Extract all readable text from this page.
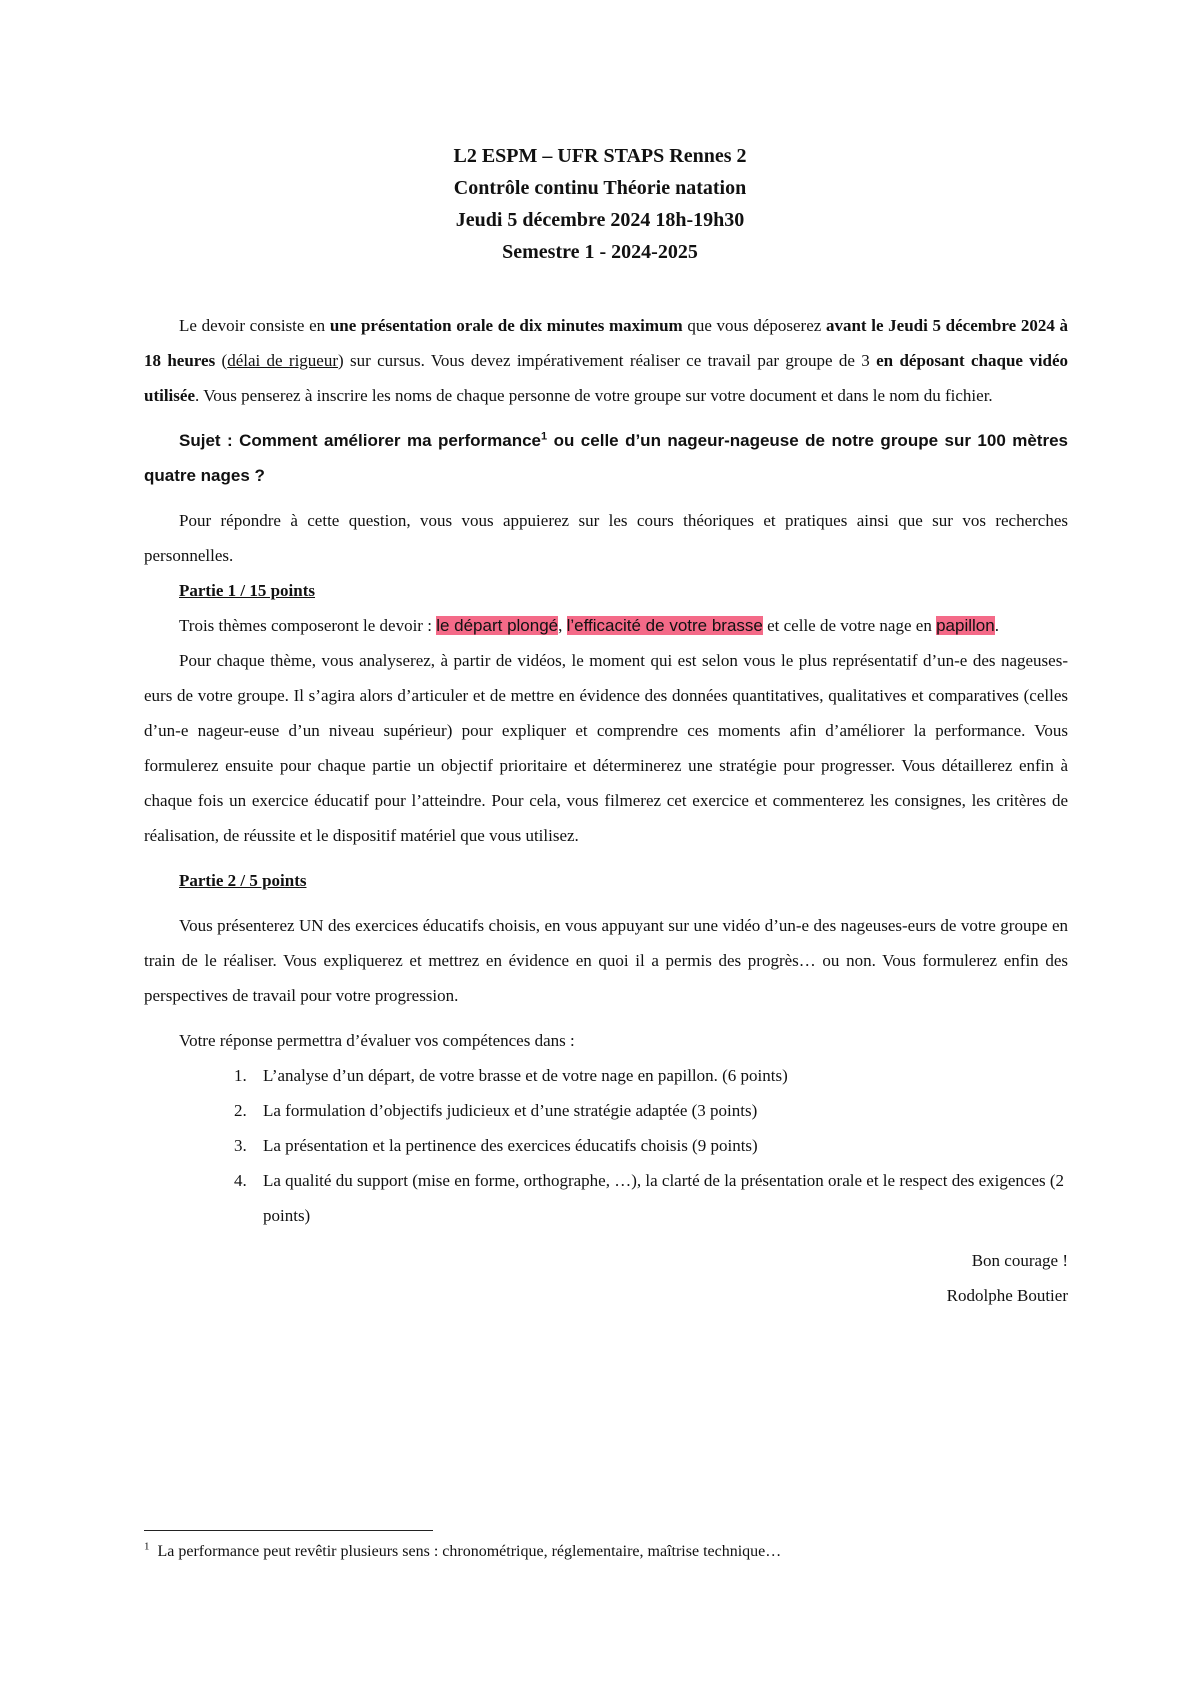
L2 ESPM – UFR STAPS Rennes 2
Contrôle continu Théorie natation
Jeudi 5 décembre 2024 18h-19h30
Semestre 1 - 2024-2025

Le devoir consiste en une présentation orale de dix minutes maximum que vous déposerez avant le Jeudi 5 décembre 2024 à 18 heures (délai de rigueur) sur cursus. Vous devez impérativement réaliser ce travail par groupe de 3 en déposant chaque vidéo utilisée. Vous penserez à inscrire les noms de chaque personne de votre groupe sur votre document et dans le nom du fichier.

Sujet : Comment améliorer ma performance$^1$ ou celle d’un nageur-nageuse de notre groupe sur 100 mètres quatre nages ?

Pour répondre à cette question, vous vous appuierez sur les cours théoriques et pratiques ainsi que sur vos recherches personnelles.

Partie 1 / 15 points

Trois thèmes composeront le devoir : le départ plongé, l’efficacité de votre brasse et celle de votre nage en papillon.

Pour chaque thème, vous analyserez, à partir de vidéos, le moment qui est selon vous le plus représentatif d’un-e des nageuses-eurs de votre groupe. Il s’agira alors d’articuler et de mettre en évidence des données quantitatives, qualitatives et comparatives (celles d’un-e nageur-euse d’un niveau supérieur) pour expliquer et comprendre ces moments afin d’améliorer la performance. Vous formulerez ensuite pour chaque partie un objectif prioritaire et déterminerez une stratégie pour progresser. Vous détaillerez enfin à chaque fois un exercice éducatif pour l’atteindre. Pour cela, vous filmerez cet exercice et commenterez les consignes, les critères de réalisation, de réussite et le dispositif matériel que vous utilisez.

Partie 2 / 5 points

Vous présenterez UN des exercices éducatifs choisis, en vous appuyant sur une vidéo d’un-e des nageuses-eurs de votre groupe en train de le réaliser. Vous expliquerez et mettrez en évidence en quoi il a permis des progrès… ou non. Vous formulerez enfin des perspectives de travail pour votre progression.

Votre réponse permettra d’évaluer vos compétences dans :

1. L’analyse d’un départ, de votre brasse et de votre nage en papillon. (6 points)
2. La formulation d’objectifs judicieux et d’une stratégie adaptée (3 points)
3. La présentation et la pertinence des exercices éducatifs choisis (9 points)
4. La qualité du support (mise en forme, orthographe, …), la clarté de la présentation orale et le respect des exigences (2 points)
Bon courage !
Rodolphe Boutier
$^1$ La performance peut revêtir plusieurs sens : chronométrique, réglementaire, maîtrise technique…
